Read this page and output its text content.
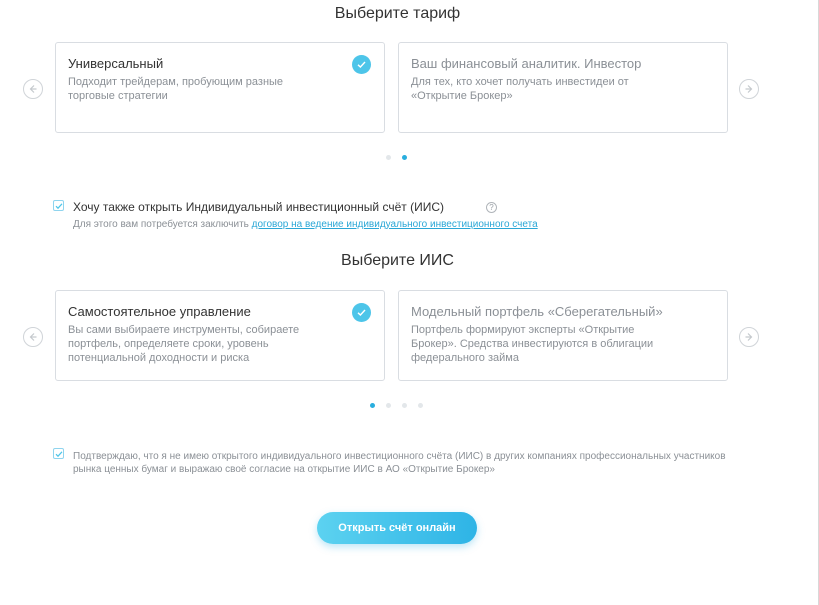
Выберите тариф
Универсальный
Подходит трейдерам, пробующим разные торговые стратегии
Ваш финансовый аналитик. Инвестор
Для тех, кто хочет получать инвестидеи от «Открытие Брокер»
Хочу также открыть Индивидуальный инвестиционный счёт (ИИС)	?
Для этого вам потребуется заключить договор на ведение индивидуального инвестиционного счета
Выберите ИИС
Самостоятельное управление
Вы сами выбираете инструменты, собираете портфель, определяете сроки, уровень потенциальной доходности и риска
Модельный портфель «Сберегательный»
Портфель формируют эксперты «Открытие Брокер». Средства инвестируются в облигации федерального займа
Подтверждаю, что я не имею открытого индивидуального инвестиционного счёта (ИИС) в других компаниях профессиональных участников рынка ценных бумаг и выражаю своё согласие на открытие ИИС в АО «Открытие Брокер»
Открыть счёт онлайн
